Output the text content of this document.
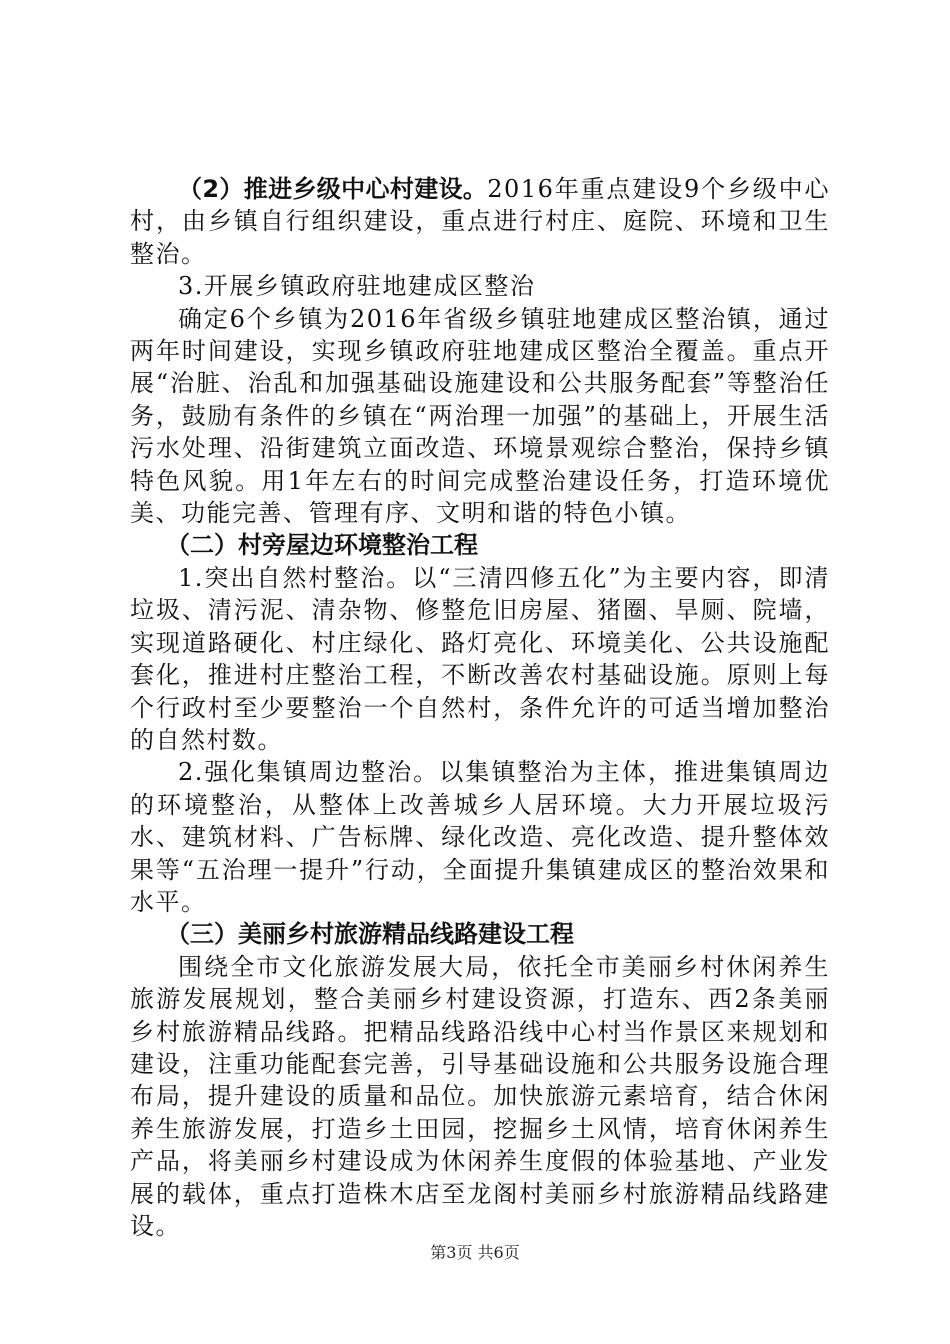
（2）推进乡级中心村建设。2016年重点建设9个乡级中心村，由乡镇自行组织建设，重点进行村庄、庭院、环境和卫生整治。

3.开展乡镇政府驻地建成区整治

确定6个乡镇为2016年省级乡镇驻地建成区整治镇，通过两年时间建设，实现乡镇政府驻地建成区整治全覆盖。重点开展“治脏、治乱和加强基础设施建设和公共服务配套”等整治任务，鼓励有条件的乡镇在“两治理一加强”的基础上，开展生活污水处理、沿街建筑立面改造、环境景观综合整治，保持乡镇特色风貌。用1年左右的时间完成整治建设任务，打造环境优美、功能完善、管理有序、文明和谐的特色小镇。

（二）村旁屋边环境整治工程

1.突出自然村整治。以“三清四修五化”为主要内容，即清垃圾、清污泥、清杂物、修整危旧房屋、猪圈、旱厕、院墙，实现道路硬化、村庄绿化、路灯亮化、环境美化、公共设施配套化，推进村庄整治工程，不断改善农村基础设施。原则上每个行政村至少要整治一个自然村，条件允许的可适当增加整治的自然村数。

2.强化集镇周边整治。以集镇整治为主体，推进集镇周边的环境整治，从整体上改善城乡人居环境。大力开展垃圾污水、建筑材料、广告标牌、绿化改造、亮化改造、提升整体效果等“五治理一提升”行动，全面提升集镇建成区的整治效果和水平。

（三）美丽乡村旅游精品线路建设工程

围绕全市文化旅游发展大局，依托全市美丽乡村休闲养生旅游发展规划，整合美丽乡村建设资源，打造东、西2条美丽乡村旅游精品线路。把精品线路沿线中心村当作景区来规划和建设，注重功能配套完善，引导基础设施和公共服务设施合理布局，提升建设的质量和品位。加快旅游元素培育，结合休闲养生旅游发展，打造乡土田园，挖掘乡土风情，培育休闲养生产品，将美丽乡村建设成为休闲养生度假的体验基地、产业发展的载体，重点打造株木店至龙阁村美丽乡村旅游精品线路建设。

第3页 共6页
